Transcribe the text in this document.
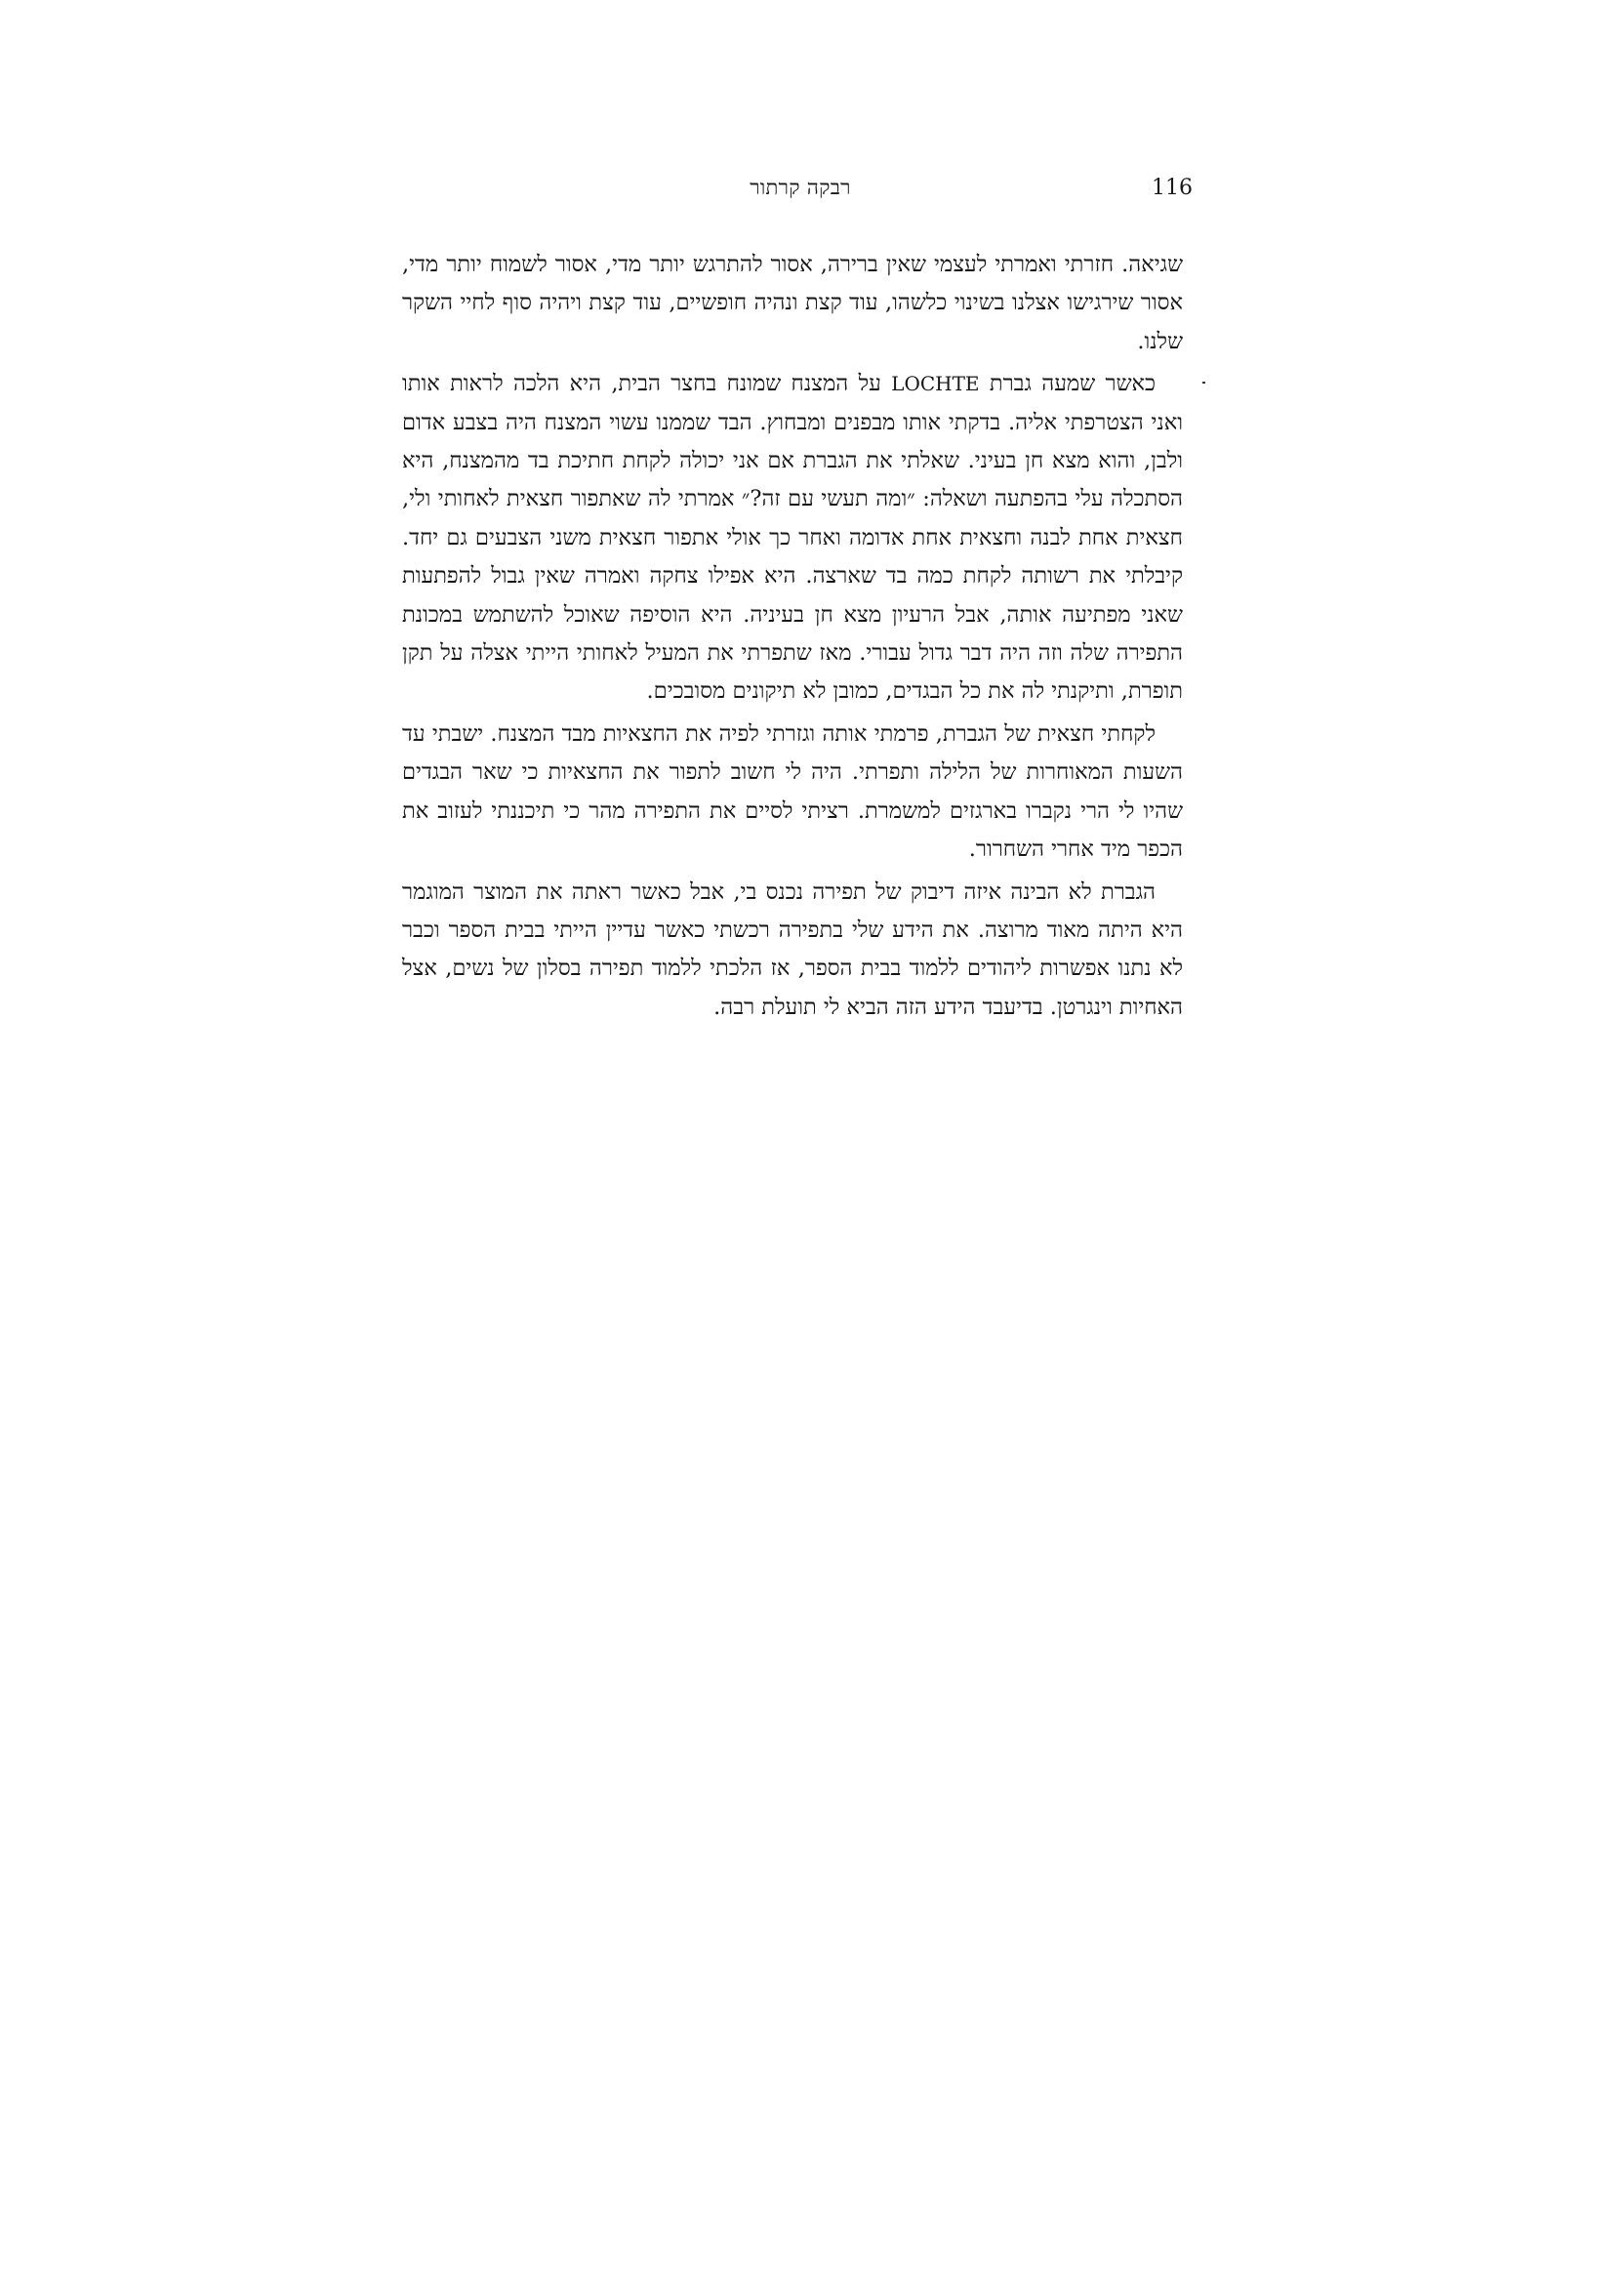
116
רבקה קרתור

שגיאה. חזרתי ואמרתי לעצמי שאין ברירה, אסור להתרגש יותר מדי, אסור לשמוח יותר מדי, אסור שירגישו אצלנו בשינוי כלשהו, עוד קצת ונהיה חופשיים, עוד קצת ויהיה סוף לחיי השקר שלנו.

כאשר שמעה גברת LOCHTE על המצנח שמונח בחצר הבית, היא הלכה לראות אותו ואני הצטרפתי אליה. בדקתי אותו מבפנים ומבחוץ. הבד שממנו עשוי המצנח היה בצבע אדום ולבן, והוא מצא חן בעיני. שאלתי את הגברת אם אני יכולה לקחת חתיכת בד מהמצנח, היא הסתכלה עלי בהפתעה ושאלה: ״ומה תעשי עם זה?״ אמרתי לה שאתפור חצאית לאחותי ולי, חצאית אחת לבנה וחצאית אחת אדומה ואחר כך אולי אתפור חצאית משני הצבעים גם יחד. קיבלתי את רשותה לקחת כמה בד שארצה. היא אפילו צחקה ואמרה שאין גבול להפתעות שאני מפתיעה אותה, אבל הרעיון מצא חן בעיניה. היא הוסיפה שאוכל להשתמש במכונת התפירה שלה וזה היה דבר גדול עבורי. מאז שתפרתי את המעיל לאחותי הייתי אצלה על תקן תופרת, ותיקנתי לה את כל הבגדים, כמובן לא תיקונים מסובכים.

לקחתי חצאית של הגברת, פרמתי אותה וגזרתי לפיה את החצאיות מבד המצנח. ישבתי עד השעות המאוחרות של הלילה ותפרתי. היה לי חשוב לתפור את החצאיות כי שאר הבגדים שהיו לי הרי נקברו בארגזים למשמרת. רציתי לסיים את התפירה מהר כי תיכננתי לעזוב את הכפר מיד אחרי השחרור.

הגברת לא הבינה איזה דיבוק של תפירה נכנס בי, אבל כאשר ראתה את המוצר המוגמר היא היתה מאוד מרוצה. את הידע שלי בתפירה רכשתי כאשר עדיין הייתי בבית הספר וכבר לא נתנו אפשרות ליהודים ללמוד בבית הספר, אז הלכתי ללמוד תפירה בסלון של נשים, אצל האחיות וינגרטן. בדיעבד הידע הזה הביא לי תועלת רבה.
